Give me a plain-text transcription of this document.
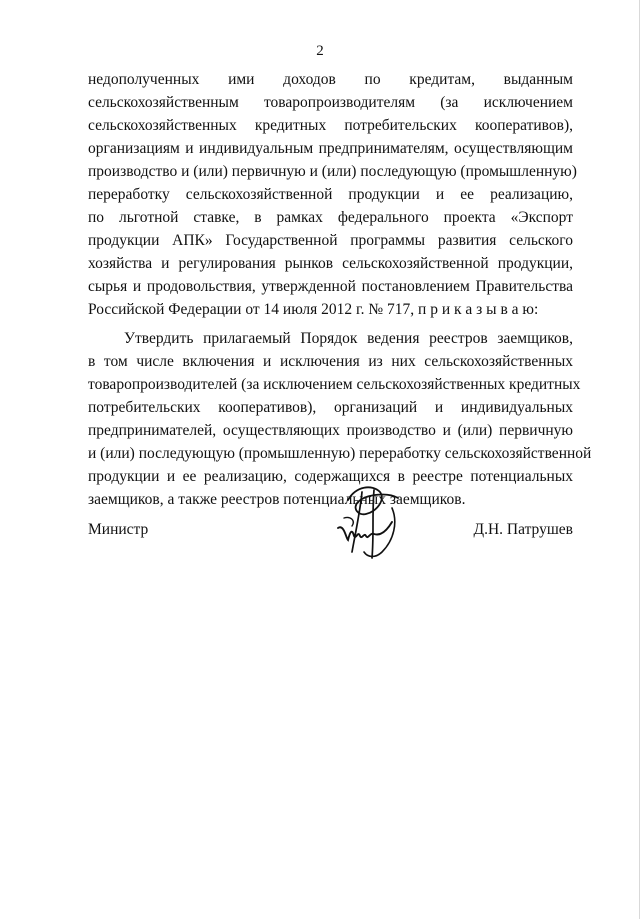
2

недополученных ими доходов по кредитам, выданным
сельскохозяйственным товаропроизводителям (за исключением
сельскохозяйственных кредитных потребительских кооперативов),
организациям и индивидуальным предпринимателям, осуществляющим
производство и (или) первичную и (или) последующую (промышленную)
переработку сельскохозяйственной продукции и ее реализацию,
по льготной ставке, в рамках федерального проекта «Экспорт
продукции АПК» Государственной программы развития сельского
хозяйства и регулирования рынков сельскохозяйственной продукции,
сырья и продовольствия, утвержденной постановлением Правительства
Российской Федерации от 14 июля 2012 г. № 717, п р и к а з ы в а ю:

Утвердить прилагаемый Порядок ведения реестров заемщиков,
в том числе включения и исключения из них сельскохозяйственных
товаропроизводителей (за исключением сельскохозяйственных кредитных
потребительских кооперативов), организаций и индивидуальных
предпринимателей, осуществляющих производство и (или) первичную
и (или) последующую (промышленную) переработку сельскохозяйственной
продукции и ее реализацию, содержащихся в реестре потенциальных
заемщиков, а также реестров потенциальных заемщиков.

Министр	Д.Н. Патрушев
